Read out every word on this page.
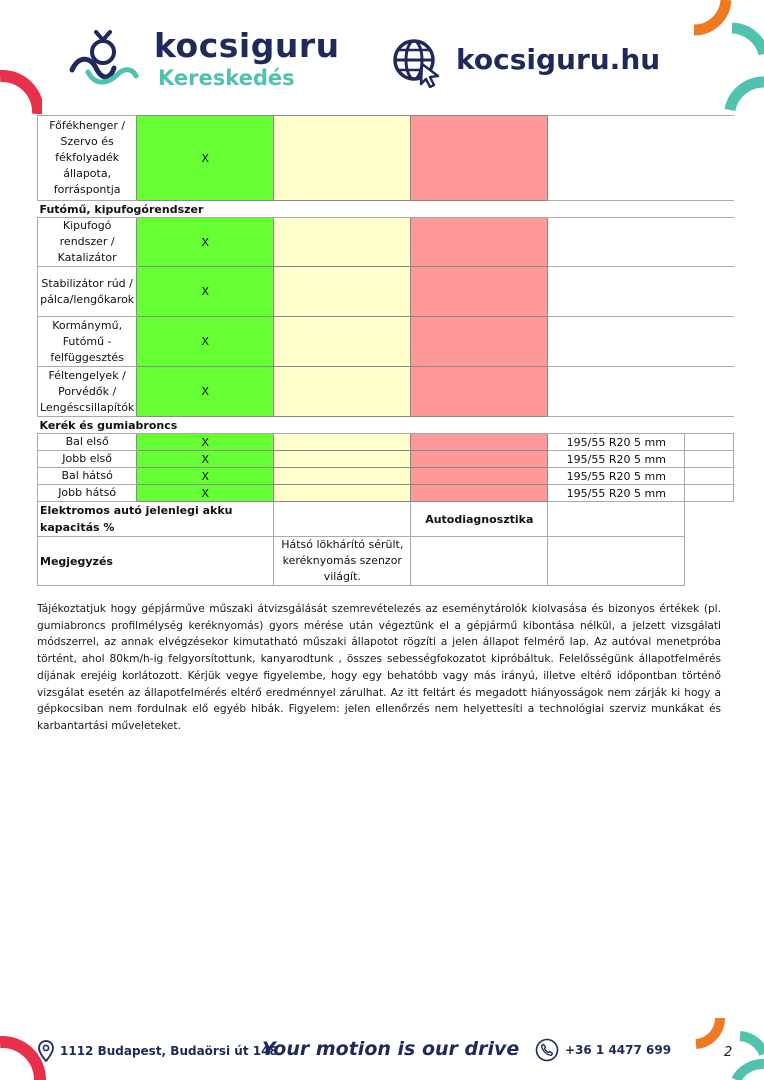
kocsiguru
Kereskedés
kocsiguru.hu
Főfékhenger / Szervo és fékfolyadék állapota, forráspontja	X				
Futómű, kipufogórendszer					
Kipufogó rendszer / Katalizátor	X				
Stabilizátor rúd / pálca/lengőkarok	X				
Kormánymű, Futómű - felfüggesztés	X				
Féltengelyek / Porvédők / Lengéscsillapítók	X				
Kerék és gumiabroncs					
Bal első	X			195/55 R20 5 mm	
Jobb első	X			195/55 R20 5 mm	
Bal hátsó	X			195/55 R20 5 mm	
Jobb hátsó	X			195/55 R20 5 mm	
Elektromos autó jelenlegi akku kapacitás %			Autodiagnosztika		
Megjegyzés		Hátsó lökhárító sérült, keréknyomás szenzor világít.			

Tájékoztatjuk hogy gépjárműve műszaki átvizsgálását szemrevételezés az eseménytárolók kiolvasása és bizonyos értékek (pl. gumiabroncs profilmélység keréknyomás) gyors mérése után végeztünk el a gépjármű kibontása nélkül, a jelzett vizsgálati módszerrel, az annak elvégzésekor kimutatható műszaki állapotot rögzíti a jelen állapot felmérő lap. Az autóval menetpróba történt, ahol 80km/h-ig felgyorsítottunk, kanyarodtunk , összes sebességfokozatot kipróbáltuk. Felelősségünk állapotfelmérés díjának erejéig korlátozott. Kérjük vegye figyelembe, hogy egy behatóbb vagy más irányú, illetve eltérő időpontban történő vizsgálat esetén az állapotfelmérés eltérő eredménnyel zárulhat. Az itt feltárt és megadott hiányosságok nem zárják ki hogy a gépkocsiban nem fordulnak elő egyéb hibák. Figyelem: jelen ellenőrzés nem helyettesíti a technológiai szerviz munkákat és karbantartási műveleteket.

1112 Budapest, Budaörsi út 148.
Your motion is our drive	+36 1 4477 699	2
